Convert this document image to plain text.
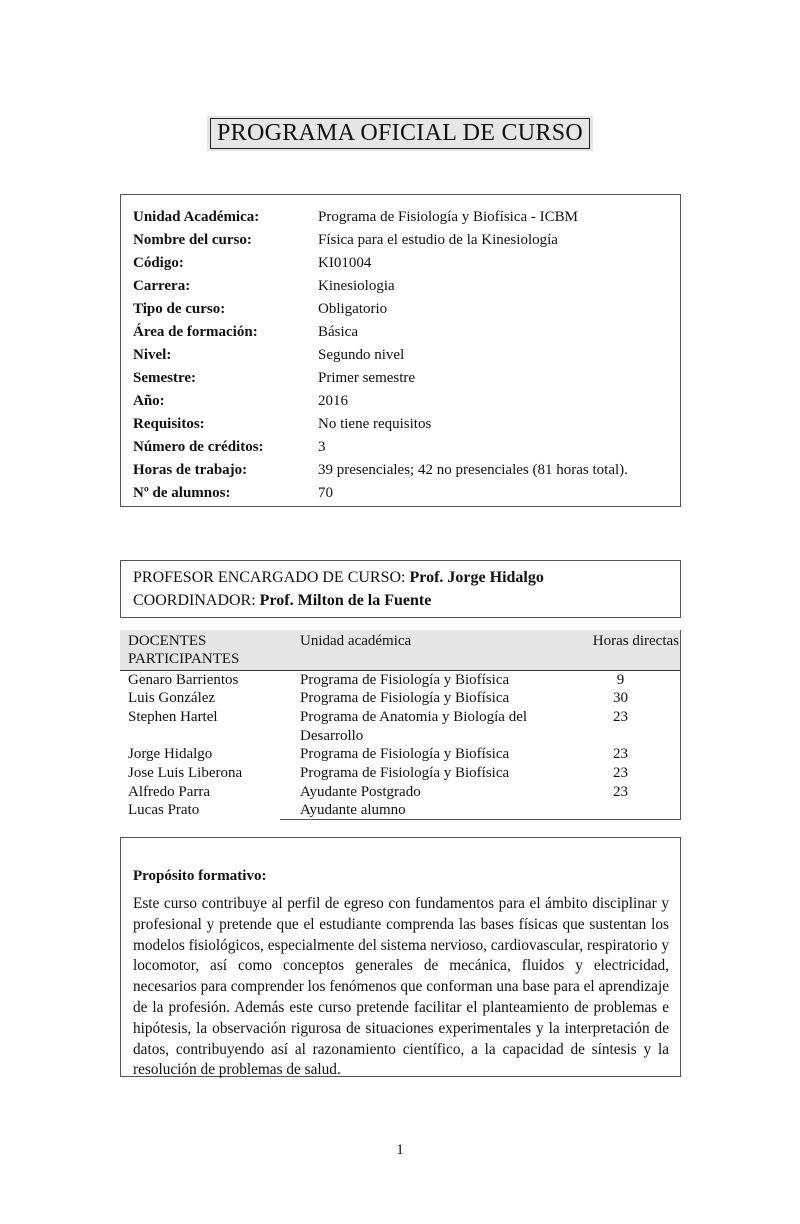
PROGRAMA OFICIAL DE CURSO
Unidad Académica:	Programa de Fisiología y Biofísica - ICBM
Nombre del curso:	Física para el estudio de la Kinesiología
Código:	KI01004
Carrera:	Kinesiologia
Tipo de curso:	Obligatorio
Área de formación:	Básica
Nivel:	Segundo nivel
Semestre:	Primer semestre
Año:	2016
Requisitos:	No tiene requisitos
Número de créditos:	3
Horas de trabajo:	39 presenciales; 42 no presenciales (81 horas total).
Nº de alumnos:	70
PROFESOR ENCARGADO DE CURSO: Prof. Jorge Hidalgo
COORDINADOR: Prof. Milton de la Fuente
DOCENTES PARTICIPANTES	Unidad académica	Horas directas
Genaro Barrientos	Programa de Fisiología y Biofísica	9
Luis González	Programa de Fisiología y Biofísica	30
Stephen Hartel	Programa de Anatomia y Biología del Desarrollo	23
Jorge Hidalgo	Programa de Fisiología y Biofísica	23
Jose Luis Liberona	Programa de Fisiología y Biofísica	23
Alfredo Parra	Ayudante Postgrado	23
Lucas Prato	Ayudante alumno	
Propósito formativo:
Este curso contribuye al perfil de egreso con fundamentos para el ámbito disciplinar y profesional y pretende que el estudiante comprenda las bases físicas que sustentan los modelos fisiológicos, especialmente del sistema nervioso, cardiovascular, respiratorio y locomotor, así como conceptos generales de mecánica, fluidos y electricidad, necesarios para comprender los fenómenos que conforman una base para el aprendizaje de la profesión. Además este curso pretende facilitar el planteamiento de problemas e hipótesis, la observación rigurosa de situaciones experimentales y la interpretación de datos, contribuyendo así al razonamiento científico, a la capacidad de síntesis y la resolución de problemas de salud.
1
